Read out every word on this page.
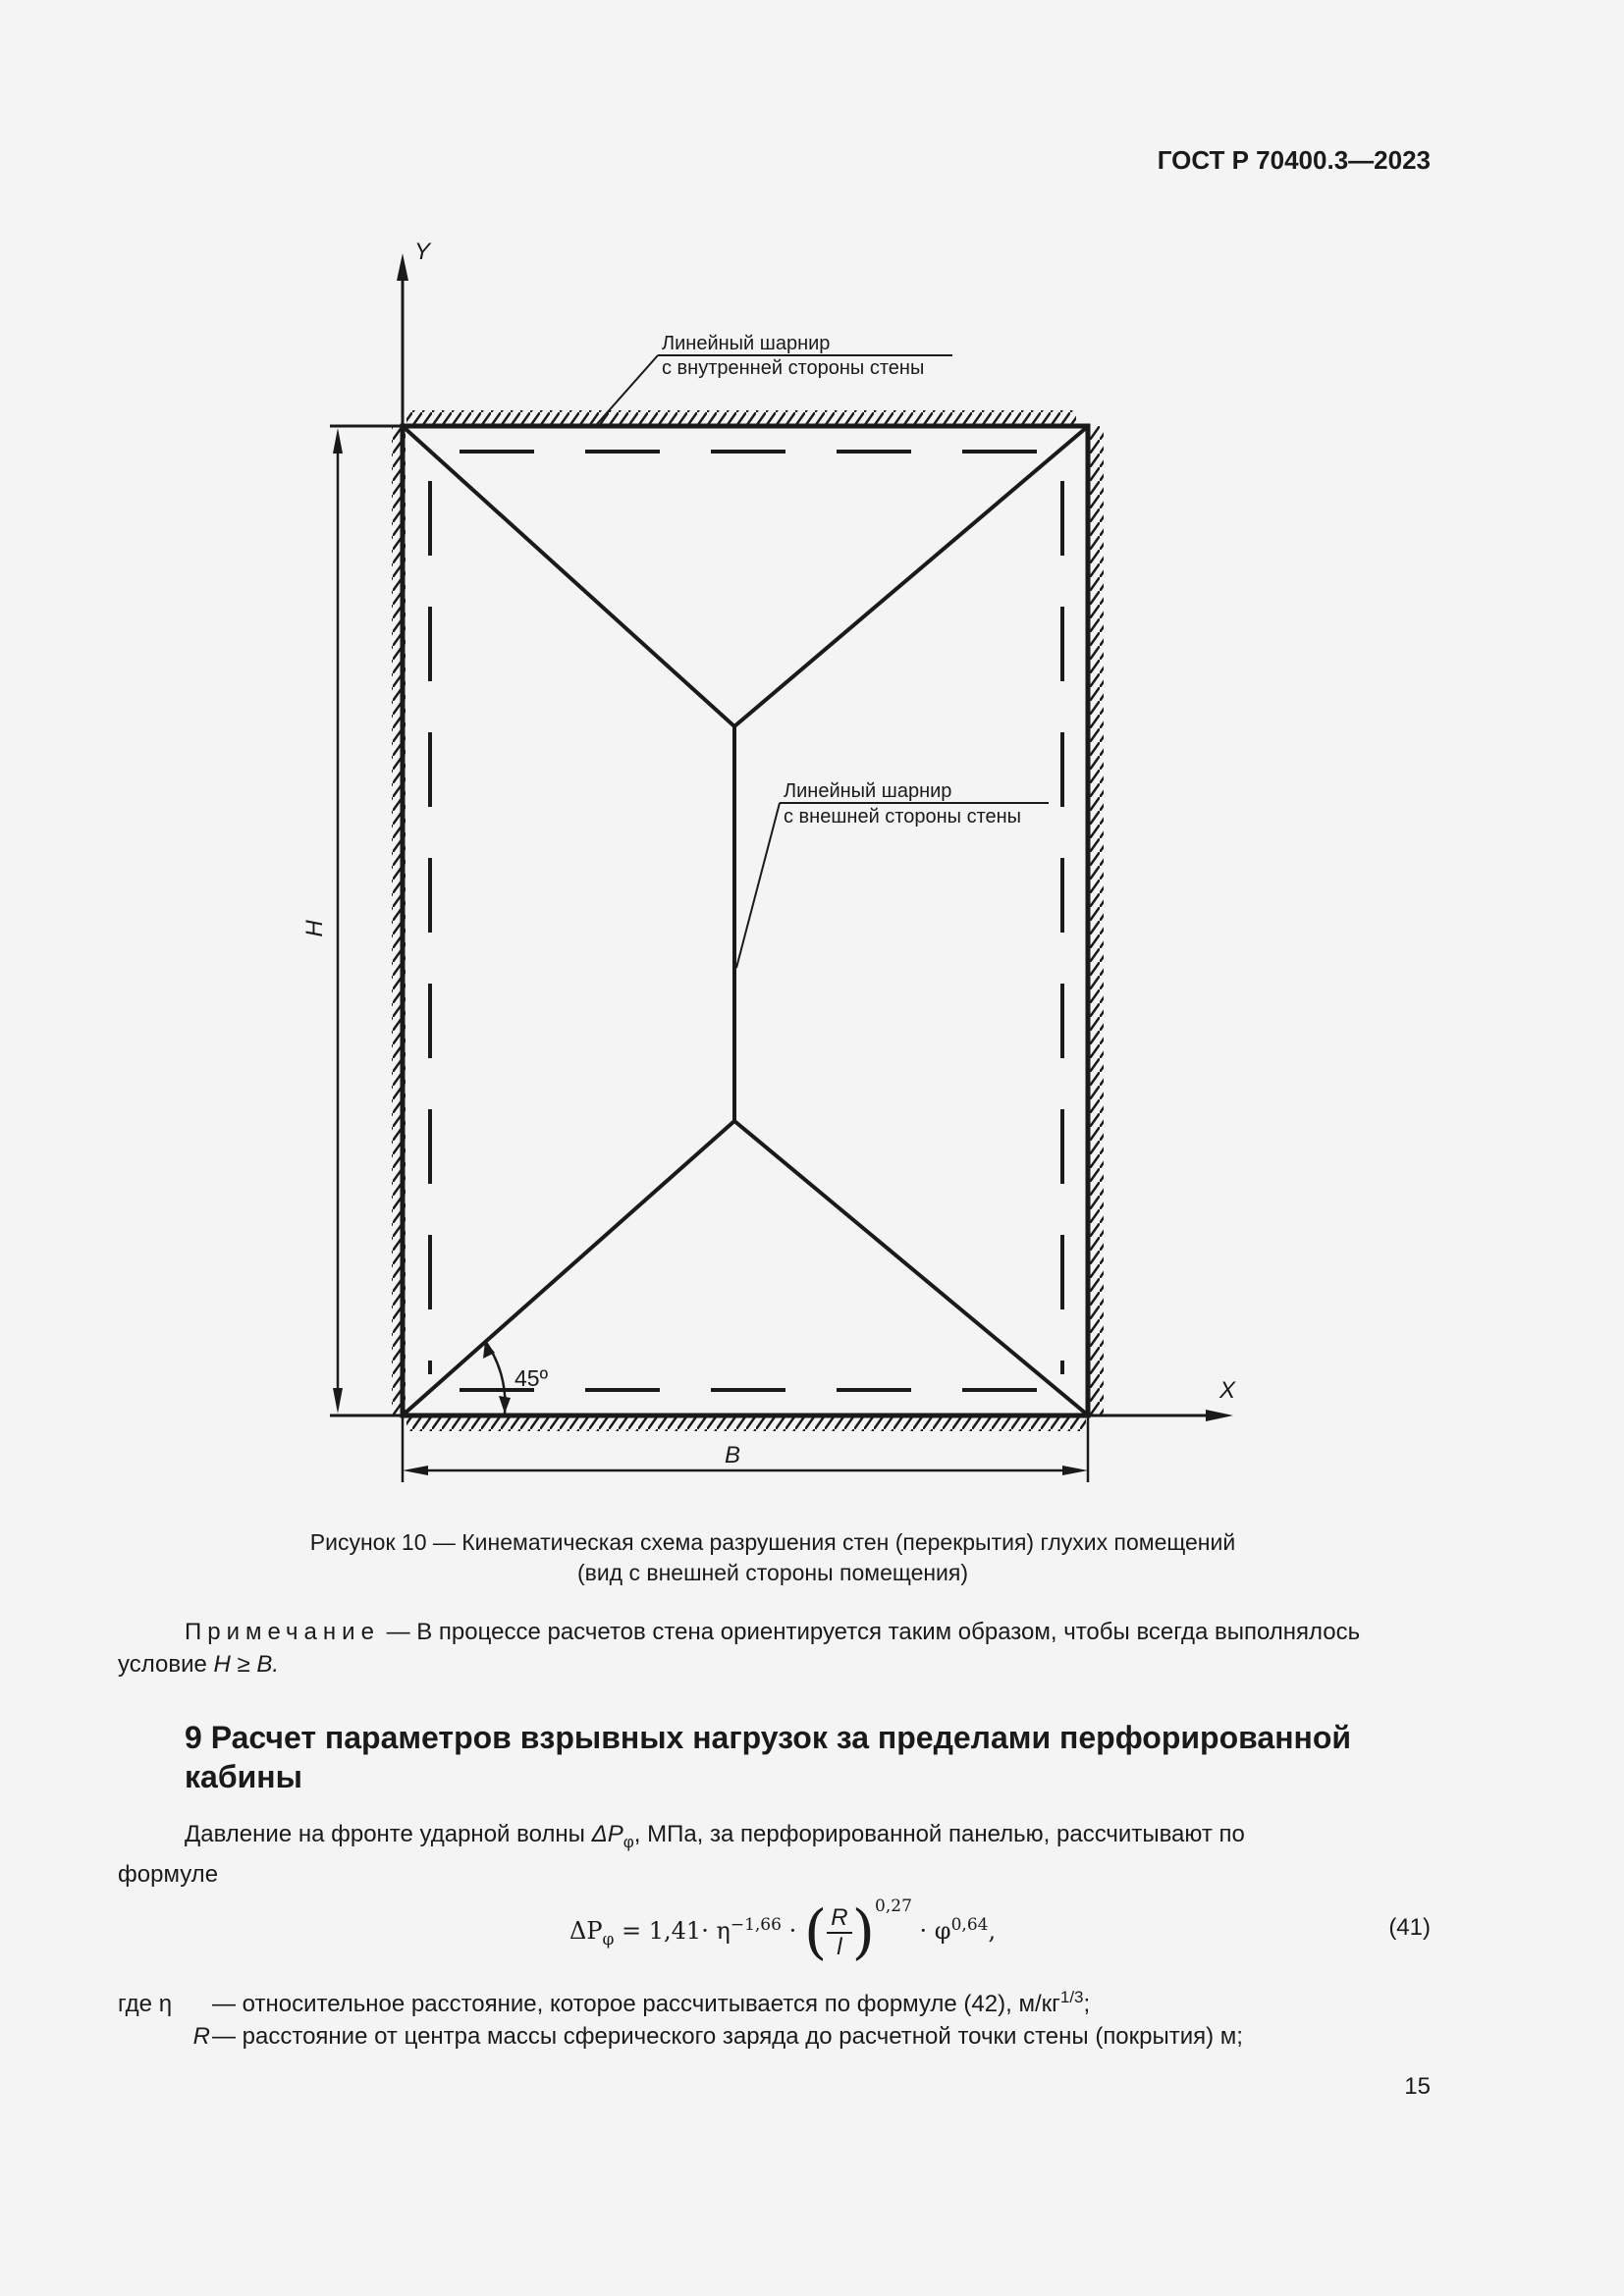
ГОСТ Р 70400.3—2023
H
B
45º
Y
X
Линейный шарнир
с внутренней стороны стены
Линейный шарнир
с внешней стороны стены
Рисунок 10 — Кинематическая схема разрушения стен (перекрытия) глухих помещений
(вид с внешней стороны помещения)
Примечание — В процессе расчетов стена ориентируется таким образом, чтобы всегда выполнялось
условие H ≥ B.
9 Расчет параметров взрывных нагрузок за пределами перфорированной
кабины
Давление на фронте ударной волны $\Delta P_\varphi$, МПа, за перфорированной панелью, рассчитывают по
формуле
$\Delta P_\varphi = 1,41\cdot \eta^{-1,66}$ · ( $\frac{R}{l} )^{0,27} \cdot \varphi^{0,64}$,	(41)
где η — относительное расстояние, которое рассчитывается по формуле (42), $м/кг^{1/3}$;
R— расстояние от центра массы сферического заряда до расчетной точки стены (покрытия) м;
15
